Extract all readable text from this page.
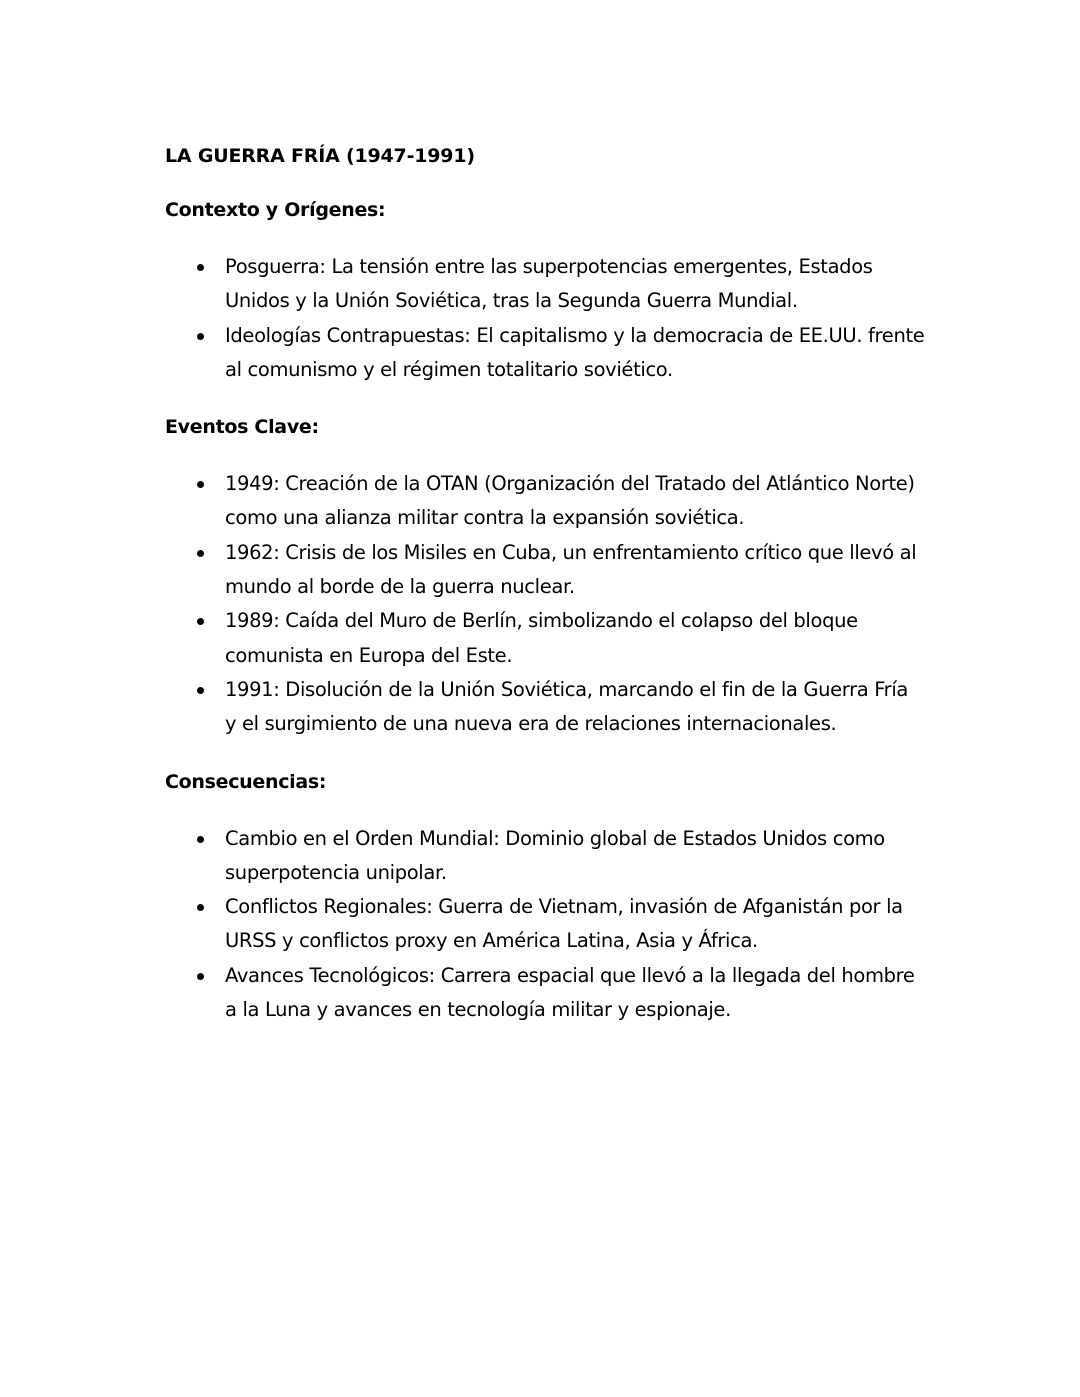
LA GUERRA FRÍA (1947-1991)
Contexto y Orígenes:
Posguerra: La tensión entre las superpotencias emergentes, Estados Unidos y la Unión Soviética, tras la Segunda Guerra Mundial.
Ideologías Contrapuestas: El capitalismo y la democracia de EE.UU. frente al comunismo y el régimen totalitario soviético.
Eventos Clave:
1949: Creación de la OTAN (Organización del Tratado del Atlántico Norte) como una alianza militar contra la expansión soviética.
1962: Crisis de los Misiles en Cuba, un enfrentamiento crítico que llevó al mundo al borde de la guerra nuclear.
1989: Caída del Muro de Berlín, simbolizando el colapso del bloque comunista en Europa del Este.
1991: Disolución de la Unión Soviética, marcando el fin de la Guerra Fría y el surgimiento de una nueva era de relaciones internacionales.
Consecuencias:
Cambio en el Orden Mundial: Dominio global de Estados Unidos como superpotencia unipolar.
Conflictos Regionales: Guerra de Vietnam, invasión de Afganistán por la URSS y conflictos proxy en América Latina, Asia y África.
Avances Tecnológicos: Carrera espacial que llevó a la llegada del hombre a la Luna y avances en tecnología militar y espionaje.
